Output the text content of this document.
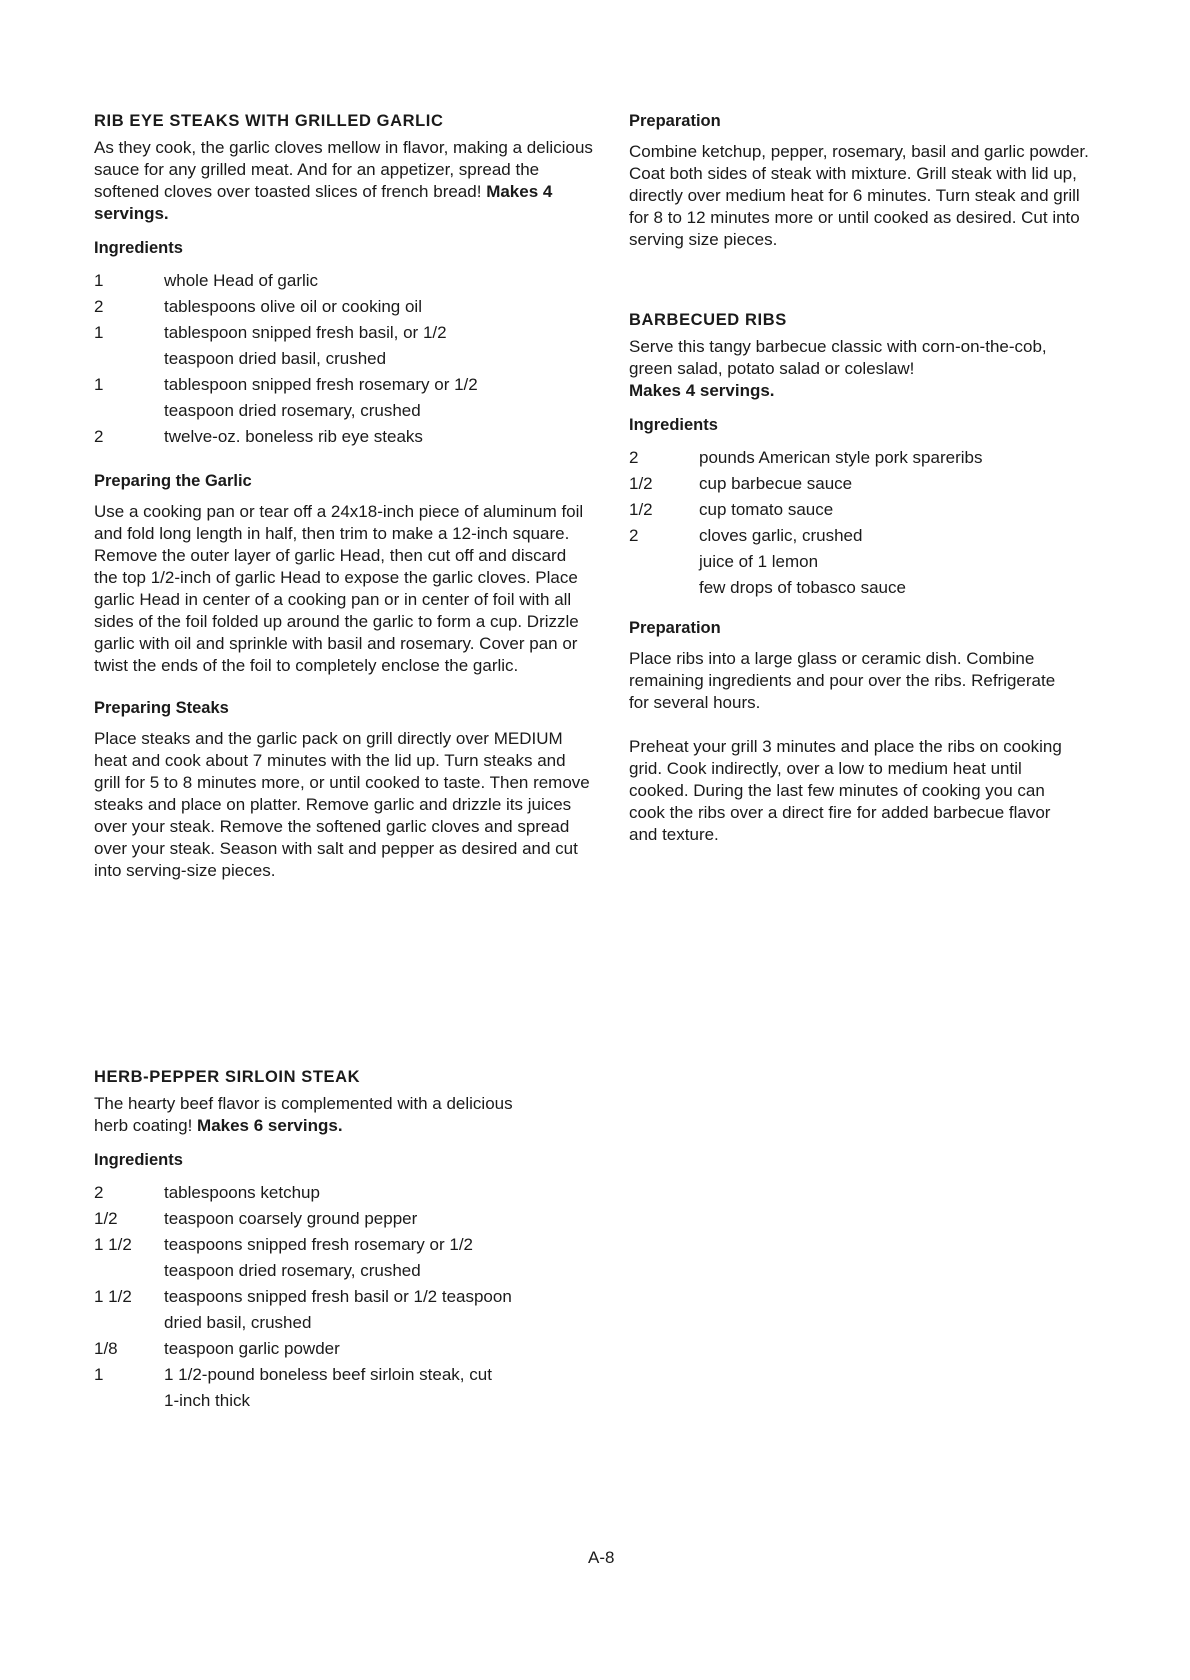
RIB EYE STEAKS WITH GRILLED GARLIC

As they cook, the garlic cloves mellow in flavor, making a delicious sauce for any grilled meat. And for an appetizer, spread the softened cloves over toasted slices of french bread! Makes 4 servings.

Ingredients
1	whole Head of garlic
2	tablespoons olive oil or cooking oil
1	tablespoon snipped fresh basil, or 1/2 teaspoon dried basil, crushed
1	tablespoon snipped fresh rosemary or 1/2 teaspoon dried rosemary, crushed
2	twelve-oz. boneless rib eye steaks
Preparing the Garlic

Use a cooking pan or tear off a 24x18-inch piece of aluminum foil and fold long length in half, then trim to make a 12-inch square. Remove the outer layer of garlic Head, then cut off and discard the top 1/2-inch of garlic Head to expose the garlic cloves. Place garlic Head in center of a cooking pan or in center of foil with all sides of the foil folded up around the garlic to form a cup. Drizzle garlic with oil and sprinkle with basil and rosemary. Cover pan or twist the ends of the foil to completely enclose the garlic.

Preparing Steaks

Place steaks and the garlic pack on grill directly over MEDIUM heat and cook about 7 minutes with the lid up. Turn steaks and grill for 5 to 8 minutes more, or until cooked to taste. Then remove steaks and place on platter. Remove garlic and drizzle its juices over your steak. Remove the softened garlic cloves and spread over your steak. Season with salt and pepper as desired and cut into serving-size pieces.

HERB-PEPPER SIRLOIN STEAK

The hearty beef flavor is complemented with a delicious herb coating! Makes 6 servings.

Ingredients
2	tablespoons ketchup
1/2	teaspoon coarsely ground pepper
1 1/2	teaspoons snipped fresh rosemary or 1/2 teaspoon dried rosemary, crushed
1 1/2	teaspoons snipped fresh basil or 1/2 teaspoon dried basil, crushed
1/8	teaspoon garlic powder
1	1 1/2-pound boneless beef sirloin steak, cut 1-inch thick
Preparation

Combine ketchup, pepper, rosemary, basil and garlic powder. Coat both sides of steak with mixture. Grill steak with lid up, directly over medium heat for 6 minutes. Turn steak and grill for 8 to 12 minutes more or until cooked as desired. Cut into serving size pieces.

BARBECUED RIBS

Serve this tangy barbecue classic with corn-on-the-cob, green salad, potato salad or coleslaw!
Makes 4 servings.

Ingredients
2	pounds American style pork spareribs
1/2	cup barbecue sauce
1/2	cup tomato sauce
2	cloves garlic, crushed
juice of 1 lemon
few drops of tobasco sauce
Preparation

Place ribs into a large glass or ceramic dish. Combine remaining ingredients and pour over the ribs. Refrigerate for several hours.

Preheat your grill 3 minutes and place the ribs on cooking grid. Cook indirectly, over a low to medium heat until cooked. During the last few minutes of cooking you can cook the ribs over a direct fire for added barbecue flavor and texture.

A-8
